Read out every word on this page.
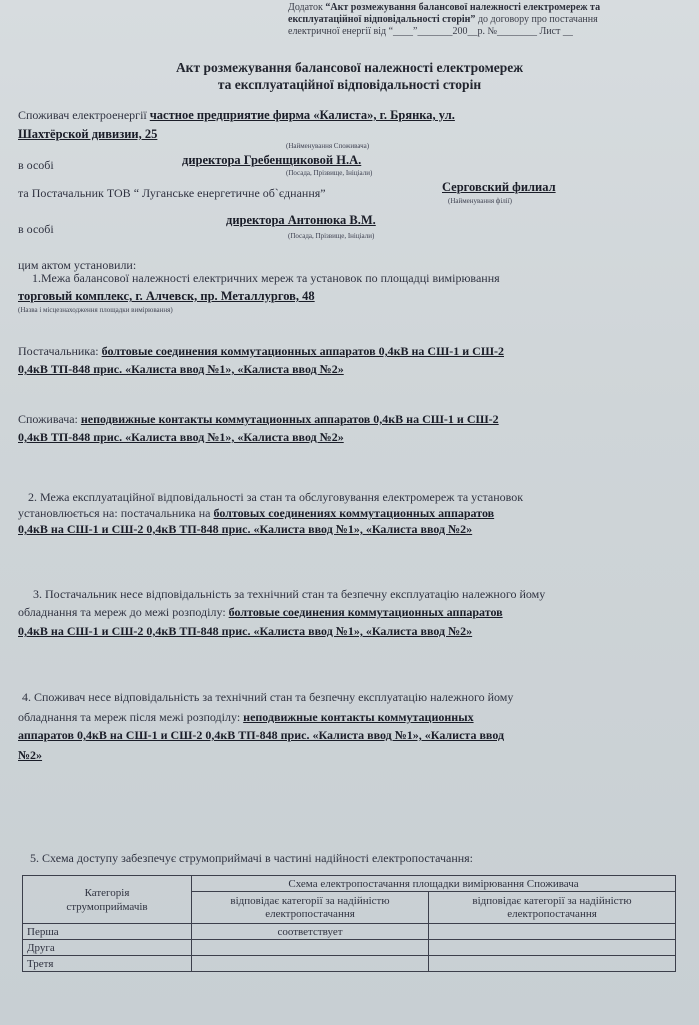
Додаток “Акт розмежування балансової належності електромереж та
експлуатаційної відповідальності сторін” до договору про постачання
електричної енергії від “____”_______200__р. №________ Лист __
Акт розмежування балансової належності електромереж
та експлуатаційної відповідальності сторін
Споживач електроенергії частное предприятие фирма «Калиста», г. Брянка, ул.
Шахтёрской дивизии, 25
(Найменування Споживача)
в особі	директора Гребенщиковой Н.А.
(Посада, Прізвище, Ініціали)
та Постачальник ТОВ “ Луганське енергетичне об`єднання”	Серговский филиал
(Найменування філії)
в особі
директора Антонюка В.М.
(Посада, Прізвище, Ініціали)
цим актом установили:
1.Межа балансової належності електричних мереж та установок по площадці вимірювання
торговый комплекс, г. Алчевск, пр. Металлургов, 48
(Назва і місцезнаходження площадки вимірювання)
Постачальника: болтовые соединения коммутационных аппаратов 0,4кВ на СШ-1 и СШ-2
0,4кВ ТП-848 прис. «Калиста ввод №1», «Калиста ввод №2»
Споживача: неподвижные контакты коммутационных аппаратов 0,4кВ на СШ-1 и СШ-2
0,4кВ ТП-848 прис. «Калиста ввод №1», «Калиста ввод №2»
2. Межа експлуатаційної відповідальності за стан та обслуговування електромереж та установок
установлюється на: постачальника на болтовых соединениях коммутационных аппаратов
0,4кВ на СШ-1 и СШ-2 0,4кВ ТП-848 прис. «Калиста ввод №1», «Калиста ввод №2»
3. Постачальник несе відповідальність за технічний стан та безпечну експлуатацію належного йому
обладнання та мереж до межі розподілу: болтовые соединения коммутационных аппаратов
0,4кВ на СШ-1 и СШ-2 0,4кВ ТП-848 прис. «Калиста ввод №1», «Калиста ввод №2»
4. Споживач несе відповідальність за технічний стан та безпечну експлуатацію належного йому
обладнання та мереж після межі розподілу: неподвижные контакты коммутационных
аппаратов 0,4кВ на СШ-1 и СШ-2 0,4кВ ТП-848 прис. «Калиста ввод №1», «Калиста ввод
№2»
5. Схема доступу забезпечує струмоприймачі в частині надійності електропостачання:
Категорія
струмоприймачів	Схема електропостачання площадки вимірювання Споживача	
	відповідає категорії за надійністю електропостачання	відповідає категорії за надійністю електропостачання
Перша	соответствует	
Друга		
Третя		
